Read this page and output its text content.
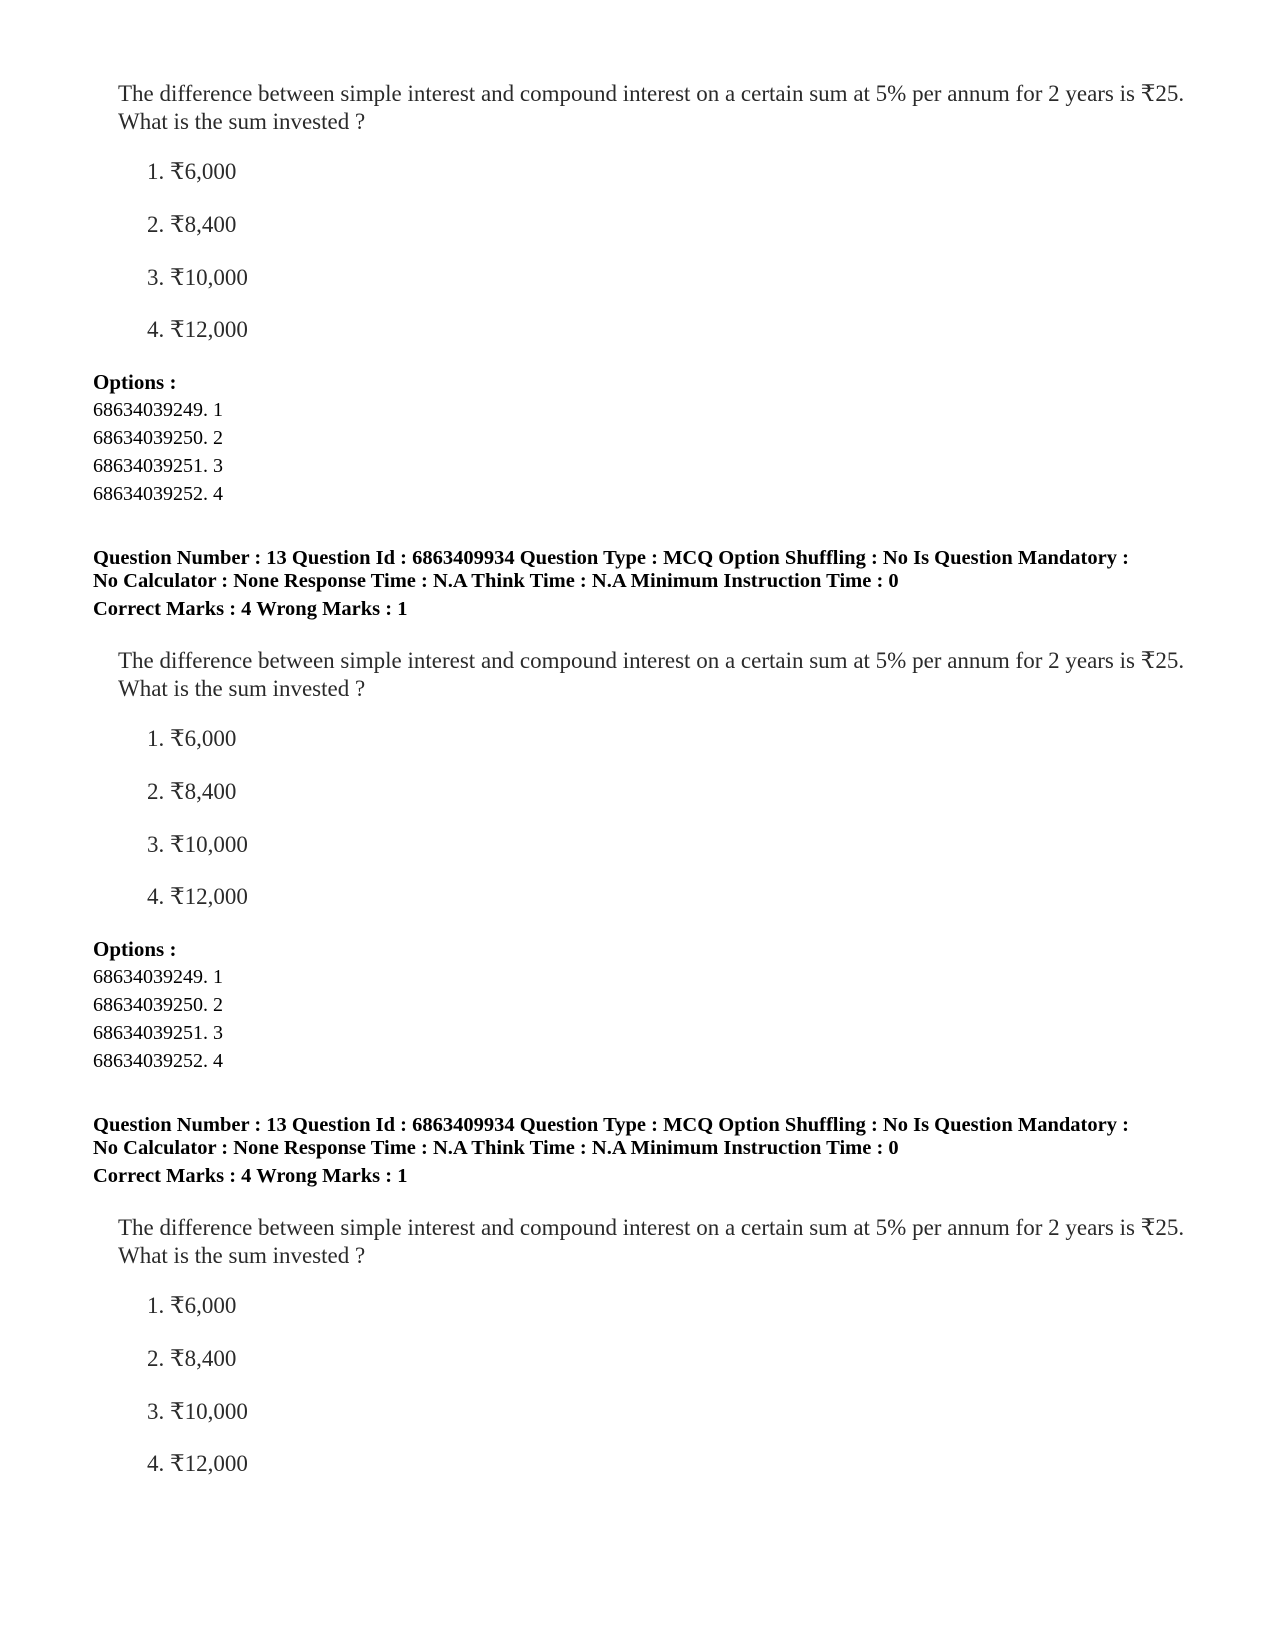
The difference between simple interest and compound interest on a certain sum at 5% per annum for 2 years is ₹25. What is the sum invested ?
1. ₹6,000
2. ₹8,400
3. ₹10,000
4. ₹12,000
Options :
68634039249. 1
68634039250. 2
68634039251. 3
68634039252. 4
Question Number : 13 Question Id : 6863409934 Question Type : MCQ Option Shuffling : No Is Question Mandatory :
No Calculator : None Response Time : N.A Think Time : N.A Minimum Instruction Time : 0
Correct Marks : 4 Wrong Marks : 1
The difference between simple interest and compound interest on a certain sum at 5% per annum for 2 years is ₹25. What is the sum invested ?
1. ₹6,000
2. ₹8,400
3. ₹10,000
4. ₹12,000
Options :
68634039249. 1
68634039250. 2
68634039251. 3
68634039252. 4
Question Number : 13 Question Id : 6863409934 Question Type : MCQ Option Shuffling : No Is Question Mandatory :
No Calculator : None Response Time : N.A Think Time : N.A Minimum Instruction Time : 0
Correct Marks : 4 Wrong Marks : 1
The difference between simple interest and compound interest on a certain sum at 5% per annum for 2 years is ₹25. What is the sum invested ?
1. ₹6,000
2. ₹8,400
3. ₹10,000
4. ₹12,000
